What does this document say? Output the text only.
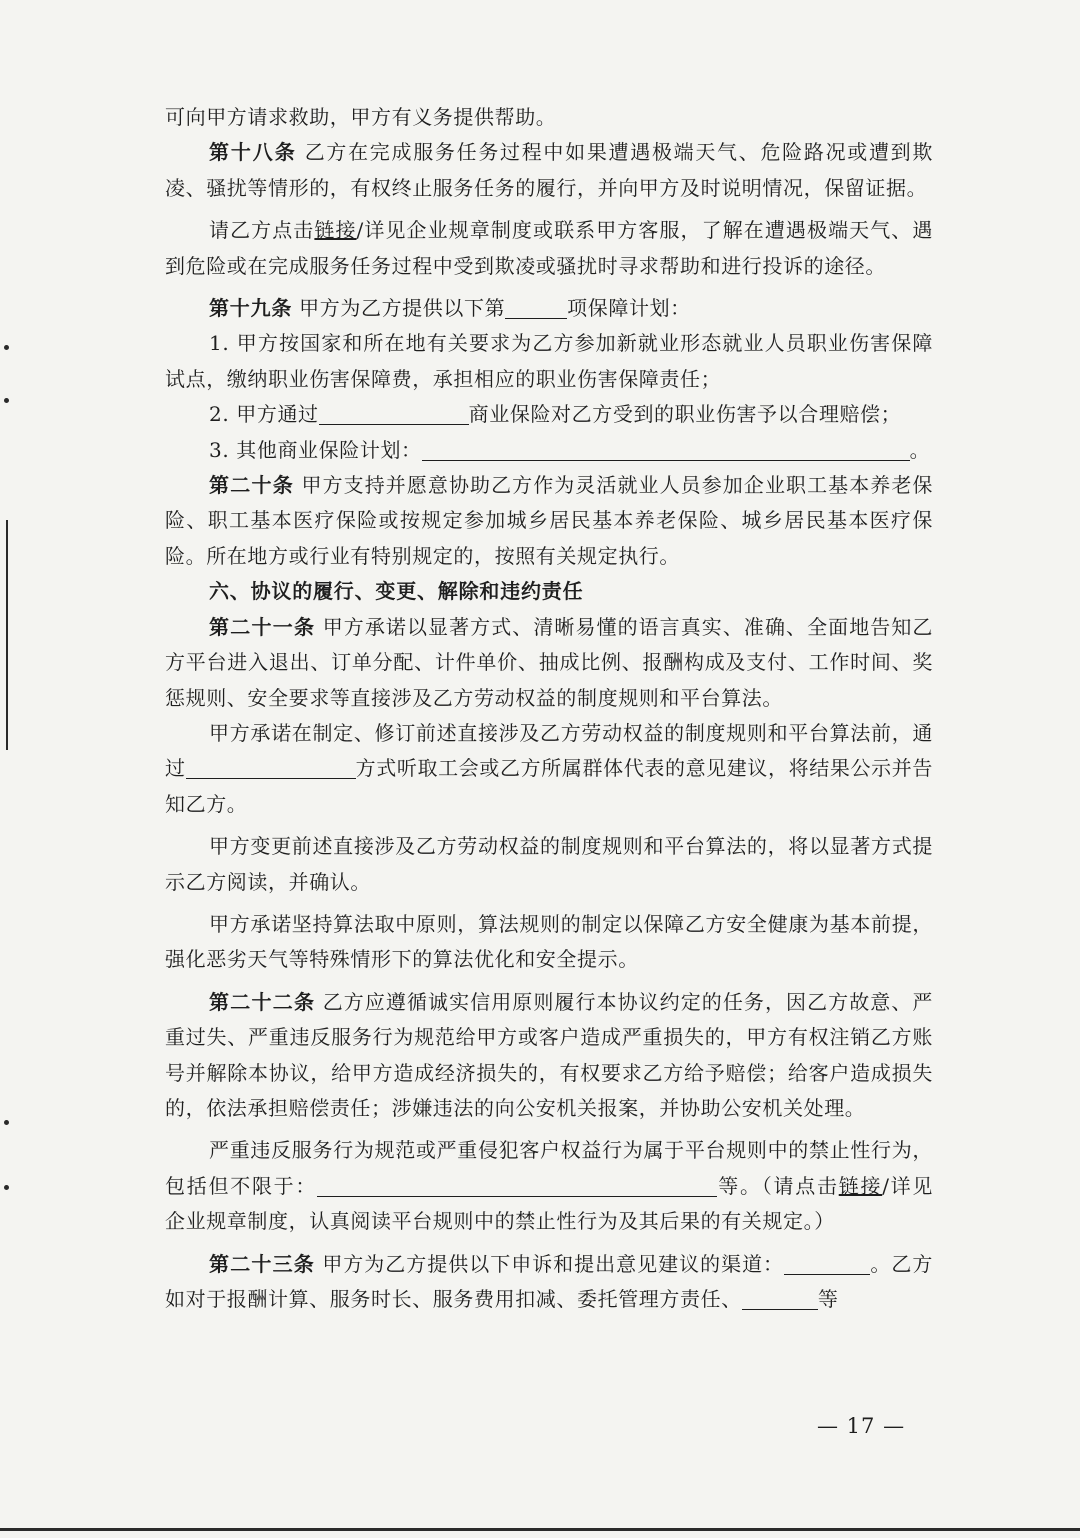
可向甲方请求救助，甲方有义务提供帮助。

第十八条 乙方在完成服务任务过程中如果遭遇极端天气、危险路况或遭到欺凌、骚扰等情形的，有权终止服务任务的履行，并向甲方及时说明情况，保留证据。

请乙方点击链接/详见企业规章制度或联系甲方客服，了解在遭遇极端天气、遇到危险或在完成服务任务过程中受到欺凌或骚扰时寻求帮助和进行投诉的途径。

第十九条 甲方为乙方提供以下第	项保障计划：

1. 甲方按国家和所在地有关要求为乙方参加新就业形态就业人员职业伤害保障试点，缴纳职业伤害保障费，承担相应的职业伤害保障责任；

2. 甲方通过	商业保险对乙方受到的职业伤害予以合理赔偿；

3. 其他商业保险计划：	。

第二十条 甲方支持并愿意协助乙方作为灵活就业人员参加企业职工基本养老保险、职工基本医疗保险或按规定参加城乡居民基本养老保险、城乡居民基本医疗保险。所在地方或行业有特别规定的，按照有关规定执行。

六、协议的履行、变更、解除和违约责任

第二十一条 甲方承诺以显著方式、清晰易懂的语言真实、准确、全面地告知乙方平台进入退出、订单分配、计件单价、抽成比例、报酬构成及支付、工作时间、奖惩规则、安全要求等直接涉及乙方劳动权益的制度规则和平台算法。

甲方承诺在制定、修订前述直接涉及乙方劳动权益的制度规则和平台算法前，通过	方式听取工会或乙方所属群体代表的意见建议，将结果公示并告知乙方。

甲方变更前述直接涉及乙方劳动权益的制度规则和平台算法的，将以显著方式提示乙方阅读，并确认。

甲方承诺坚持算法取中原则，算法规则的制定以保障乙方安全健康为基本前提，强化恶劣天气等特殊情形下的算法优化和安全提示。

第二十二条 乙方应遵循诚实信用原则履行本协议约定的任务，因乙方故意、严重过失、严重违反服务行为规范给甲方或客户造成严重损失的，甲方有权注销乙方账号并解除本协议，给甲方造成经济损失的，有权要求乙方给予赔偿；给客户造成损失的，依法承担赔偿责任；涉嫌违法的向公安机关报案，并协助公安机关处理。

严重违反服务行为规范或严重侵犯客户权益行为属于平台规则中的禁止性行为，包括但不限于：	等。（请点击链接/详见企业规章制度，认真阅读平台规则中的禁止性行为及其后果的有关规定。）

第二十三条 甲方为乙方提供以下申诉和提出意见建议的渠道：	。乙方如对于报酬计算、服务时长、服务费用扣减、委托管理方责任、	等

— 17 —
